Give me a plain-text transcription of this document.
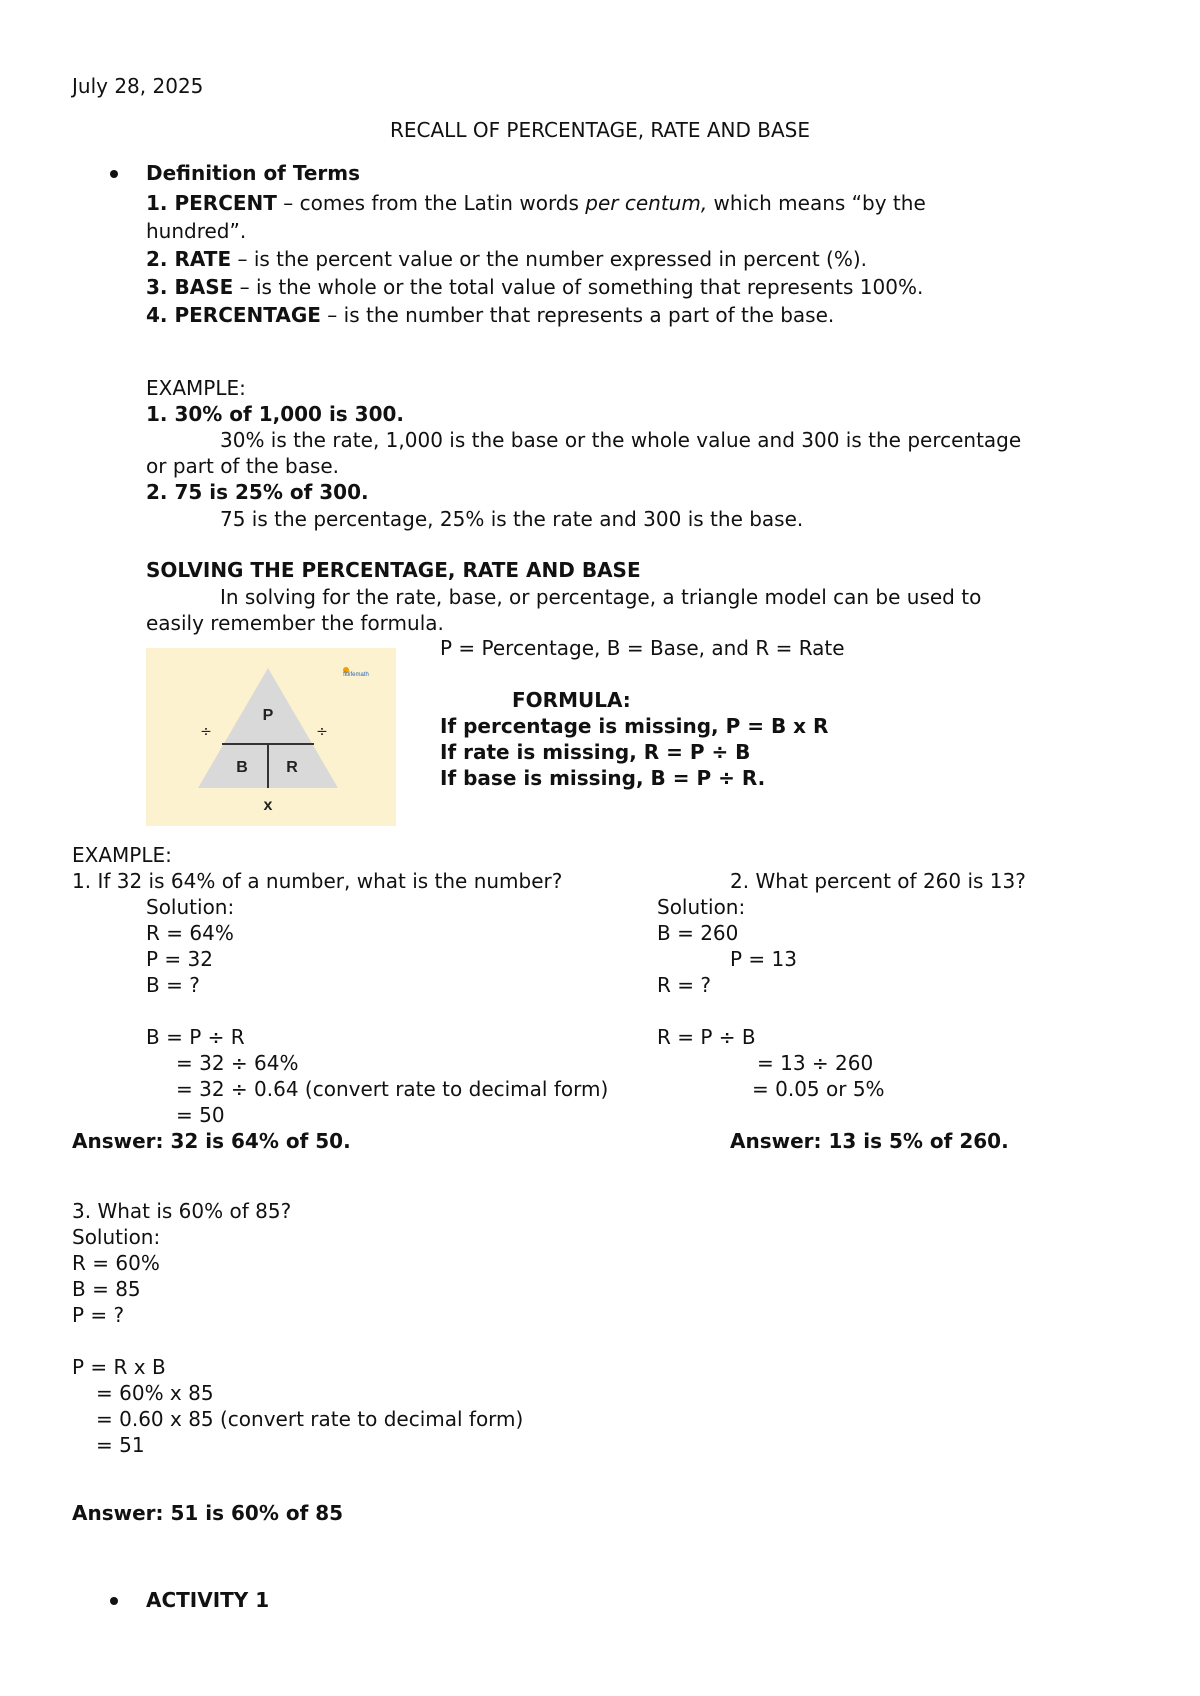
July 28, 2025
RECALL OF PERCENTAGE, RATE AND BASE
Definition of Terms
1. PERCENT – comes from the Latin words per centum, which means “by the
hundred”.
2. RATE – is the percent value or the number expressed in percent (%).
3. BASE – is the whole or the total value of something that represents 100%.
4. PERCENTAGE – is the number that represents a part of the base.
EXAMPLE:
1. 30% of 1,000 is 300.
30% is the rate, 1,000 is the base or the whole value and 300 is the percentage
or part of the base.
2. 75 is 25% of 300.
75 is the percentage, 25% is the rate and 300 is the base.
SOLVING THE PERCENTAGE, RATE AND BASE
In solving for the rate, base, or percentage, a triangle model can be used to
easily remember the formula.
P = Percentage, B = Base, and R = Rate
P
B R
÷	÷
x
fitlifemath
FORMULA:
If percentage is missing, P = B x R
If rate is missing, R = P ÷ B
If base is missing, B = P ÷ R.
EXAMPLE:
1. If 32 is 64% of a number, what is the number?
Solution:
R = 64%
P = 32
B = ?
B = P ÷ R
= 32 ÷ 64%
= 32 ÷ 0.64 (convert rate to decimal form)
= 50
Answer: 32 is 64% of 50.
2. What percent of 260 is 13?
Solution:
B = 260
P = 13
R = ?
R = P ÷ B
= 13 ÷ 260
= 0.05 or 5%
Answer: 13 is 5% of 260.
3. What is 60% of 85?
Solution:
R = 60%
B = 85
P = ?
P = R x B
= 60% x 85
= 0.60 x 85 (convert rate to decimal form)
= 51
Answer: 51 is 60% of 85
ACTIVITY 1
